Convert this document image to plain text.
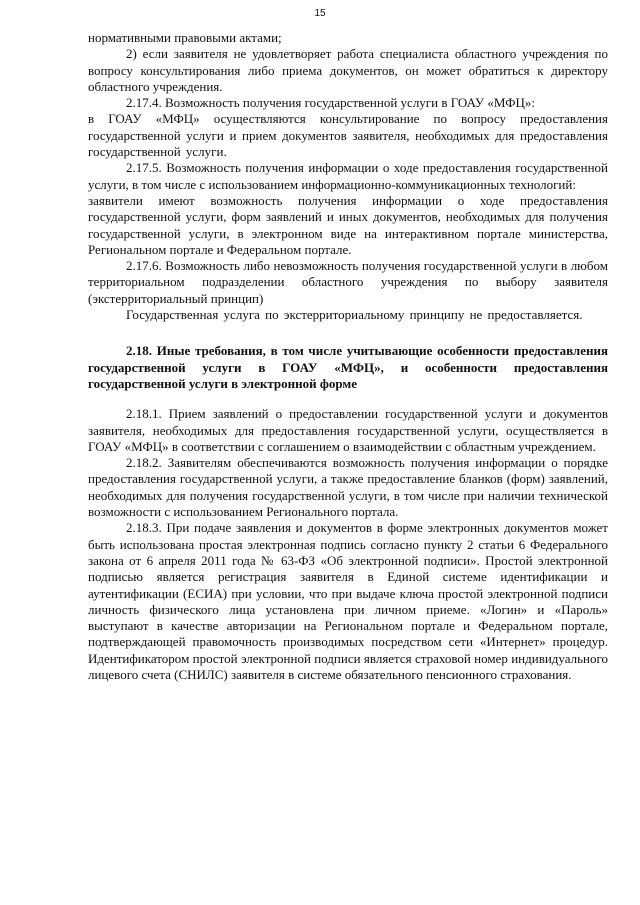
15

нормативными правовыми актами;

2) если заявителя не удовлетворяет работа специалиста областного учреждения по вопросу консультирования либо приема документов, он может обратиться к директору областного учреждения.

2.17.4. Возможность получения государственной услуги в ГОАУ «МФЦ»:

в ГОАУ «МФЦ» осуществляются консультирование по вопросу предоставления государственной услуги и прием документов заявителя, необходимых для предоставления государственной услуги.

2.17.5. Возможность получения информации о ходе предоставления государственной услуги, в том числе с использованием информационно-коммуникационных технологий:

заявители имеют возможность получения информации о ходе предоставления государственной услуги, форм заявлений и иных документов, необходимых для получения государственной услуги, в электронном виде на интерактивном портале министерства, Региональном портале и Федеральном портале.

2.17.6. Возможность либо невозможность получения государственной услуги в любом территориальном подразделении областного учреждения по выбору заявителя (экстерриториальный принцип)

Государственная услуга по экстерриториальному принципу не предоставляется.

2.18. Иные требования, в том числе учитывающие особенности предоставления государственной услуги в ГОАУ «МФЦ», и особенности предоставления государственной услуги в электронной форме

2.18.1. Прием заявлений о предоставлении государственной услуги и документов заявителя, необходимых для предоставления государственной услуги, осуществляется в ГОАУ «МФЦ» в соответствии с соглашением о взаимодействии с областным учреждением.

2.18.2. Заявителям обеспечиваются возможность получения информации о порядке предоставления государственной услуги, а также предоставление бланков (форм) заявлений, необходимых для получения государственной услуги, в том числе при наличии технической возможности с использованием Регионального портала.

2.18.3. При подаче заявления и документов в форме электронных документов может быть использована простая электронная подпись согласно пункту 2 статьи 6 Федерального закона от 6 апреля 2011 года № 63-ФЗ «Об электронной подписи». Простой электронной подписью является регистрация заявителя в Единой системе идентификации и аутентификации (ЕСИА) при условии, что при выдаче ключа простой электронной подписи личность физического лица установлена при личном приеме. «Логин» и «Пароль» выступают в качестве авторизации на Региональном портале и Федеральном портале, подтверждающей правомочность производимых посредством сети «Интернет» процедур. Идентификатором простой электронной подписи является страховой номер индивидуального лицевого счета (СНИЛС) заявителя в системе обязательного пенсионного страхования.
